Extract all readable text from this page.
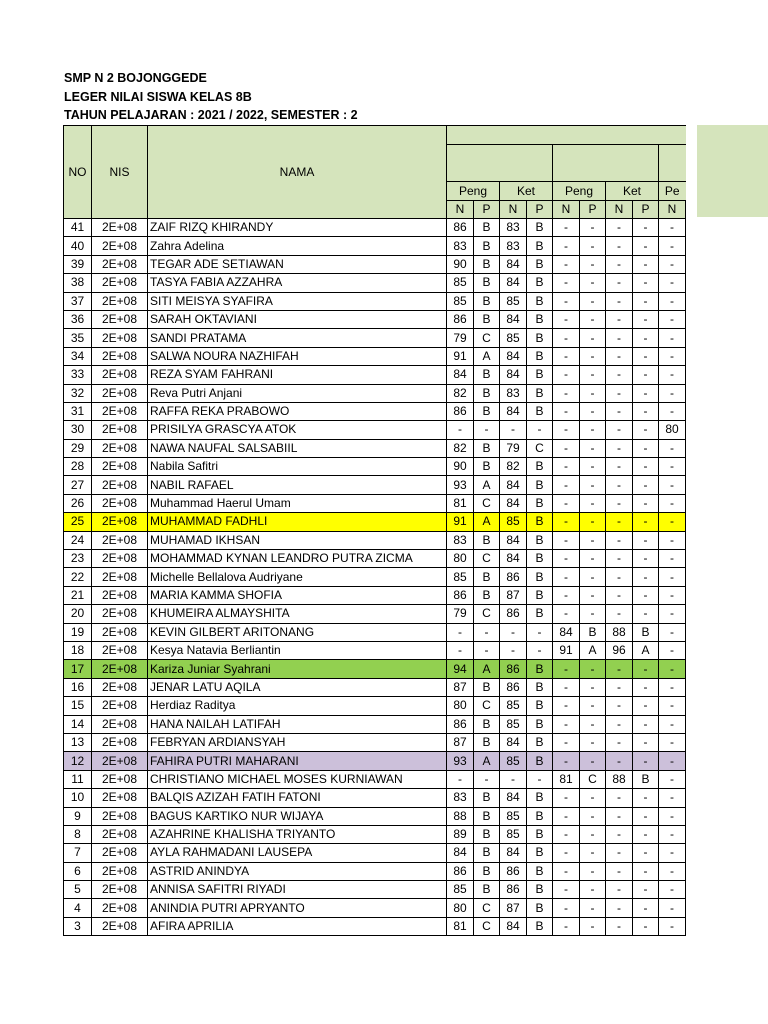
SMP N 2 BOJONGGEDE
LEGER NILAI SISWA KELAS 8B
TAHUN PELAJARAN : 2021 / 2022, SEMESTER : 2
NO	NIS	NAMA									

			Peng		Ket		Peng		Ket		Pe
			N	P	N	P	N	P	N	P	N
41	2E+08	ZAIF RIZQ KHIRANDY	86	B	83	B	-	-	-	-	-
40	2E+08	Zahra Adelina	83	B	83	B	-	-	-	-	-
39	2E+08	TEGAR ADE SETIAWAN	90	B	84	B	-	-	-	-	-
38	2E+08	TASYA FABIA AZZAHRA	85	B	84	B	-	-	-	-	-
37	2E+08	SITI MEISYA SYAFIRA	85	B	85	B	-	-	-	-	-
36	2E+08	SARAH OKTAVIANI	86	B	84	B	-	-	-	-	-
35	2E+08	SANDI PRATAMA	79	C	85	B	-	-	-	-	-
34	2E+08	SALWA NOURA NAZHIFAH	91	A	84	B	-	-	-	-	-
33	2E+08	REZA SYAM FAHRANI	84	B	84	B	-	-	-	-	-
32	2E+08	Reva Putri Anjani	82	B	83	B	-	-	-	-	-
31	2E+08	RAFFA REKA PRABOWO	86	B	84	B	-	-	-	-	-
30	2E+08	PRISILYA GRASCYA ATOK	-	-	-	-	-	-	-	-	80
29	2E+08	NAWA NAUFAL SALSABIIL	82	B	79	C	-	-	-	-	-
28	2E+08	Nabila Safitri	90	B	82	B	-	-	-	-	-
27	2E+08	NABIL RAFAEL	93	A	84	B	-	-	-	-	-
26	2E+08	Muhammad Haerul Umam	81	C	84	B	-	-	-	-	-
25	2E+08	MUHAMMAD FADHLI	91	A	85	B	-	-	-	-	-
24	2E+08	MUHAMAD IKHSAN	83	B	84	B	-	-	-	-	-
23	2E+08	MOHAMMAD KYNAN LEANDRO PUTRA ZICMA	80	C	84	B	-	-	-	-	-
22	2E+08	Michelle Bellalova Audriyane	85	B	86	B	-	-	-	-	-
21	2E+08	MARIA KAMMA SHOFIA	86	B	87	B	-	-	-	-	-
20	2E+08	KHUMEIRA ALMAYSHITA	79	C	86	B	-	-	-	-	-
19	2E+08	KEVIN GILBERT ARITONANG	-	-	-	-	84	B	88	B	-
18	2E+08	Kesya Natavia Berliantin	-	-	-	-	91	A	96	A	-
17	2E+08	Kariza Juniar Syahrani	94	A	86	B	-	-	-	-	-
16	2E+08	JENAR LATU AQILA	87	B	86	B	-	-	-	-	-
15	2E+08	Herdiaz Raditya	80	C	85	B	-	-	-	-	-
14	2E+08	HANA NAILAH LATIFAH	86	B	85	B	-	-	-	-	-
13	2E+08	FEBRYAN ARDIANSYAH	87	B	84	B	-	-	-	-	-
12	2E+08	FAHIRA PUTRI MAHARANI	93	A	85	B	-	-	-	-	-
11	2E+08	CHRISTIANO MICHAEL MOSES KURNIAWAN	-	-	-	-	81	C	88	B	-
10	2E+08	BALQIS AZIZAH FATIH FATONI	83	B	84	B	-	-	-	-	-
9	2E+08	BAGUS KARTIKO NUR WIJAYA	88	B	85	B	-	-	-	-	-
8	2E+08	AZAHRINE KHALISHA TRIYANTO	89	B	85	B	-	-	-	-	-
7	2E+08	AYLA RAHMADANI LAUSEPA	84	B	84	B	-	-	-	-	-
6	2E+08	ASTRID ANINDYA	86	B	86	B	-	-	-	-	-
5	2E+08	ANNISA SAFITRI RIYADI	85	B	86	B	-	-	-	-	-
4	2E+08	ANINDIA PUTRI APRYANTO	80	C	87	B	-	-	-	-	-
3	2E+08	AFIRA APRILIA	81	C	84	B	-	-	-	-	-
